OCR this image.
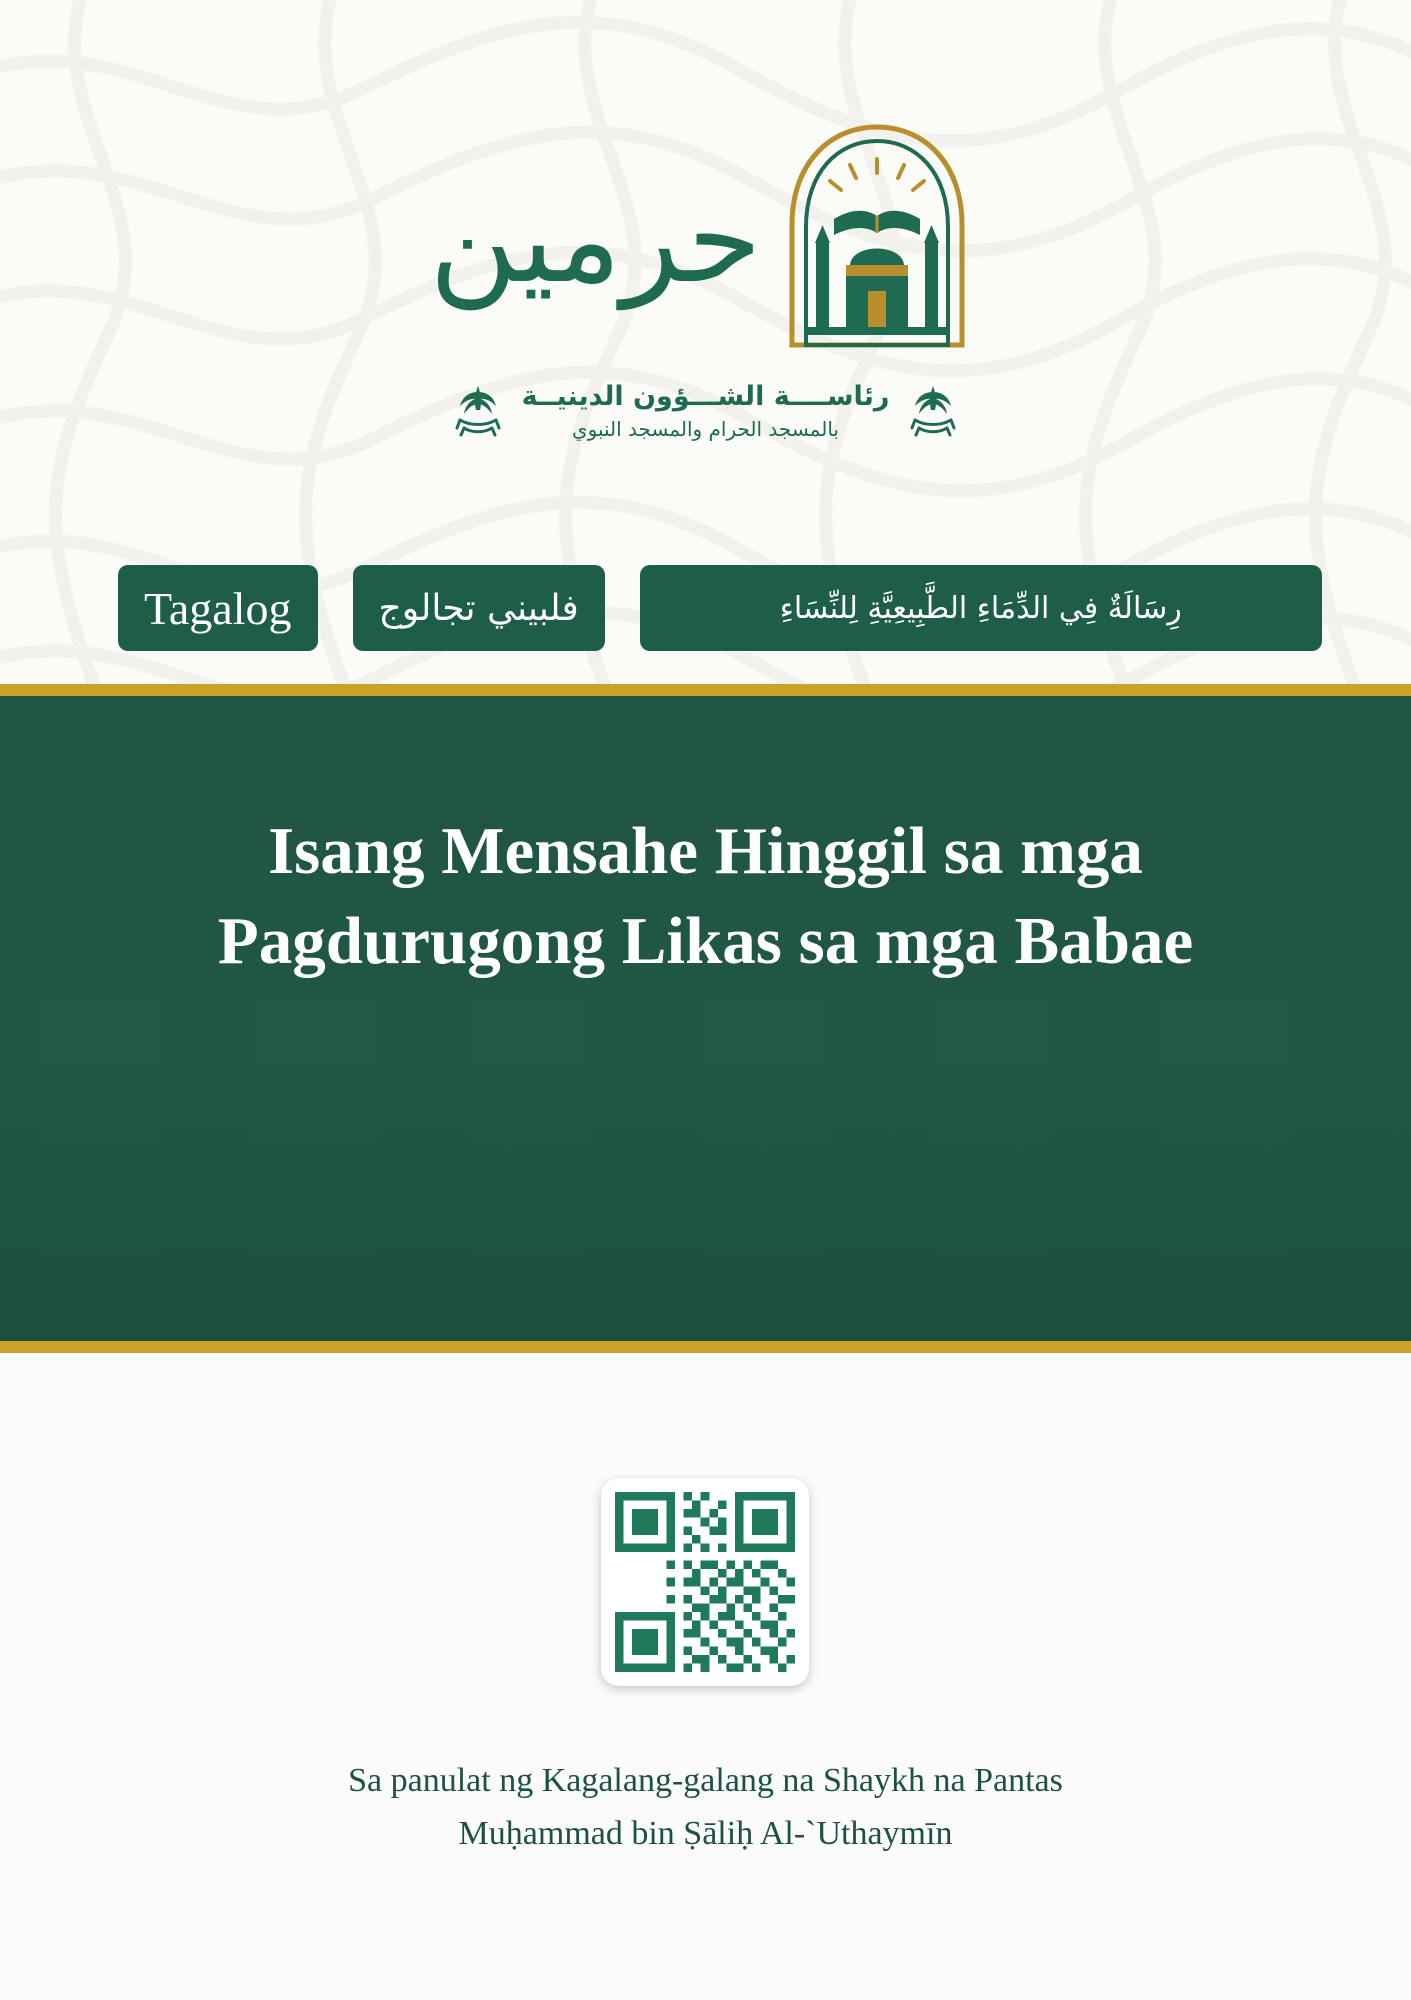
حرمين
رئاســــة الشـــؤون الدينيــة
بالمسجد الحرام والمسجد النبوي
Tagalog	فلبيني تجالوج	رِسَالَةٌ فِي الدِّمَاءِ الطَّبِيعِيَّةِ لِلنِّسَاءِ
Isang Mensahe Hinggil sa mga Pagdurugong Likas sa mga Babae
Sa panulat ng Kagalang-galang na Shaykh na Pantas
Muḥammad bin Ṣāliḥ Al-`Uthaymīn
